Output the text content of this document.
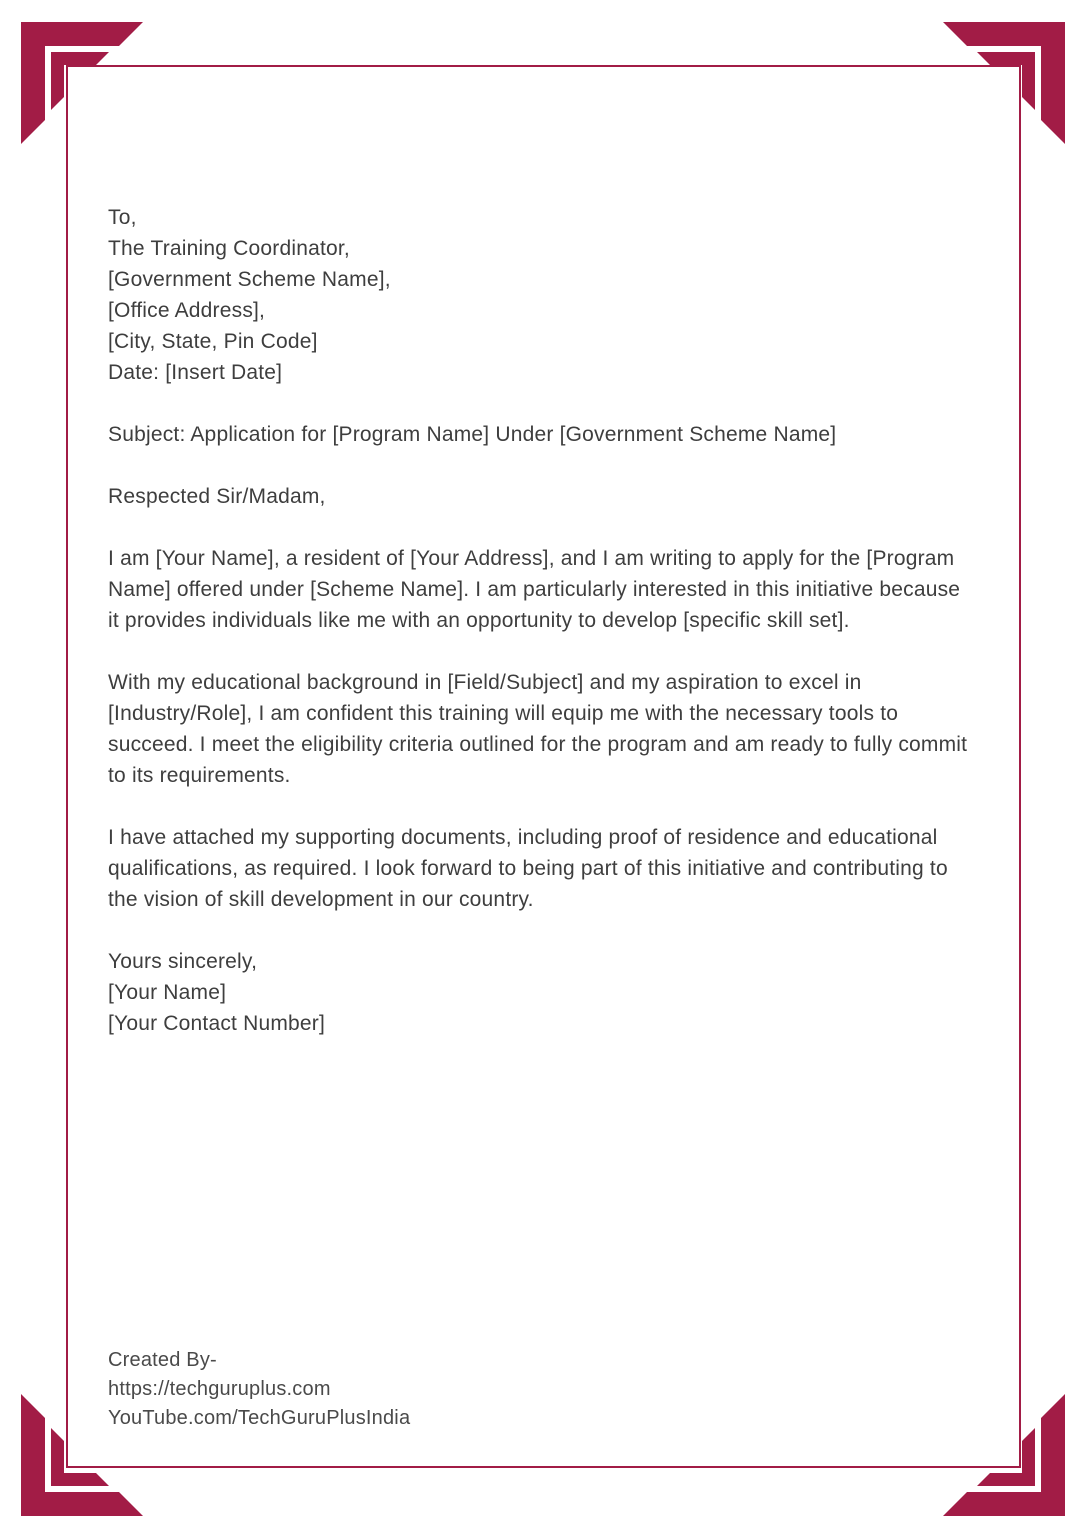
To,
The Training Coordinator,
[Government Scheme Name],
[Office Address],
[City, State, Pin Code]
Date: [Insert Date]
Subject: Application for [Program Name] Under [Government Scheme Name]
Respected Sir/Madam,

I am [Your Name], a resident of [Your Address], and I am writing to apply for the [Program Name] offered under [Scheme Name]. I am particularly interested in this initiative because it provides individuals like me with an opportunity to develop [specific skill set].

With my educational background in [Field/Subject] and my aspiration to excel in [Industry/Role], I am confident this training will equip me with the necessary tools to succeed. I meet the eligibility criteria outlined for the program and am ready to fully commit to its requirements.

I have attached my supporting documents, including proof of residence and educational qualifications, as required. I look forward to being part of this initiative and contributing to the vision of skill development in our country.

Yours sincerely,
[Your Name]
[Your Contact Number]
Created By-
https://techguruplus.com
YouTube.com/TechGuruPlusIndia
